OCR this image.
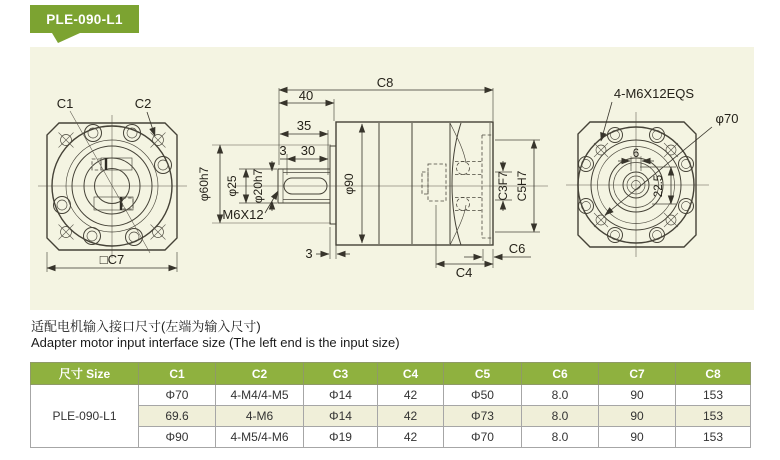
PLE-090-L1
C1	C2
□C7
φ60h7
C8
40
35
3 30
φ25 φ20h7
M6X12
φ90
3
C4
C6
C3F7 C5H7
4-M6X12EQS
φ70
6
22.5
适配电机输入接口尺寸(左端为输入尺寸)
Adapter motor input interface size (The left end is the input size)
尺寸 Size	C1	C2	C3	C4	C5	C6	C7	C8
PLE-090-L1	Φ70	4-M4/4-M5	Φ14	42	Φ50	8.0	90	153
	69.6	4-M6	Φ14	42	Φ73	8.0	90	153
	Φ90	4-M5/4-M6	Φ19	42	Φ70	8.0	90	153
